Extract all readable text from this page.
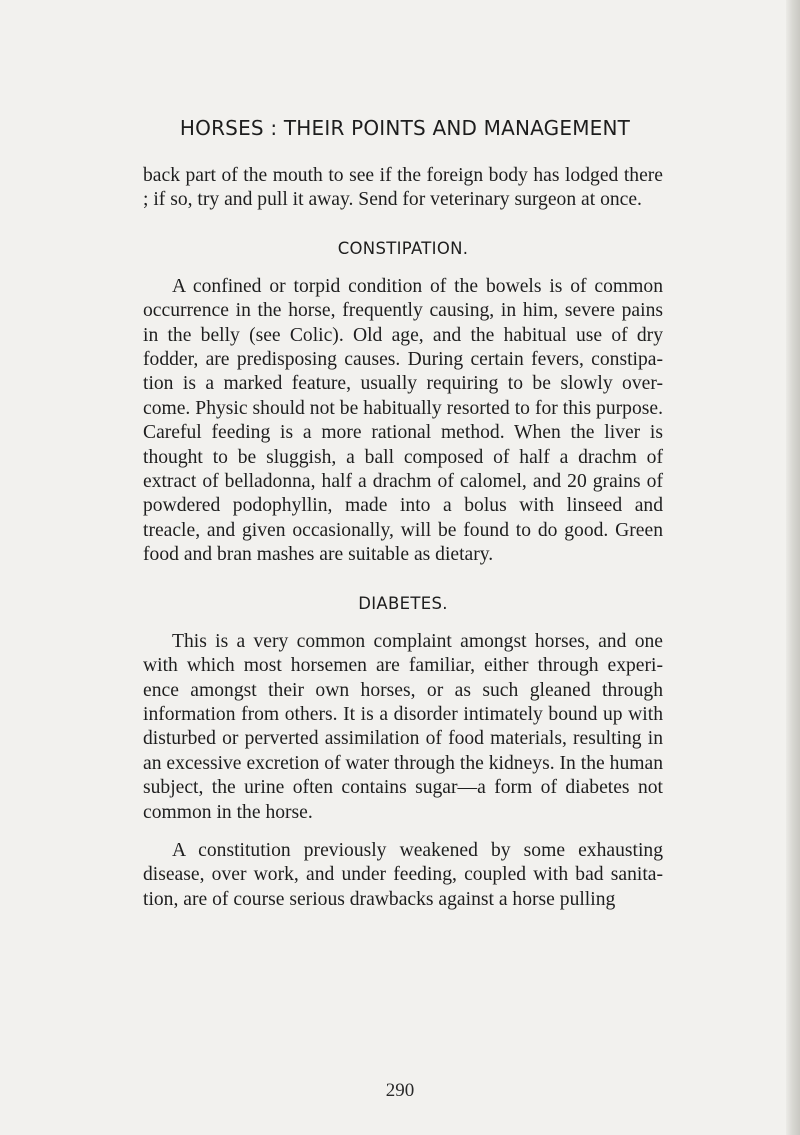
HORSES : THEIR POINTS AND MANAGEMENT

back part of the mouth to see if the foreign body has lodged there ; if so, try and pull it away. Send for veterinary surgeon at once.

CONSTIPATION.

A confined or torpid condition of the bowels is of common occurrence in the horse, frequently causing, in him, severe pains in the belly (see Colic). Old age, and the habitual use of dry fodder, are predisposing causes. During certain fevers, constipa- tion is a marked feature, usually requiring to be slowly over- come. Physic should not be habitually resorted to for this purpose. Careful feeding is a more rational method. When the liver is thought to be sluggish, a ball composed of half a drachm of extract of belladonna, half a drachm of calomel, and 20 grains of powdered podophyllin, made into a bolus with linseed and treacle, and given occasionally, will be found to do good. Green food and bran mashes are suitable as dietary.

DIABETES.

This is a very common complaint amongst horses, and one with which most horsemen are familiar, either through experi- ence amongst their own horses, or as such gleaned through information from others. It is a disorder intimately bound up with disturbed or perverted assimilation of food materials, resulting in an excessive excretion of water through the kidneys. In the human subject, the urine often contains sugar—a form of diabetes not common in the horse.

A constitution previously weakened by some exhausting disease, over work, and under feeding, coupled with bad sanita- tion, are of course serious drawbacks against a horse pulling

290
